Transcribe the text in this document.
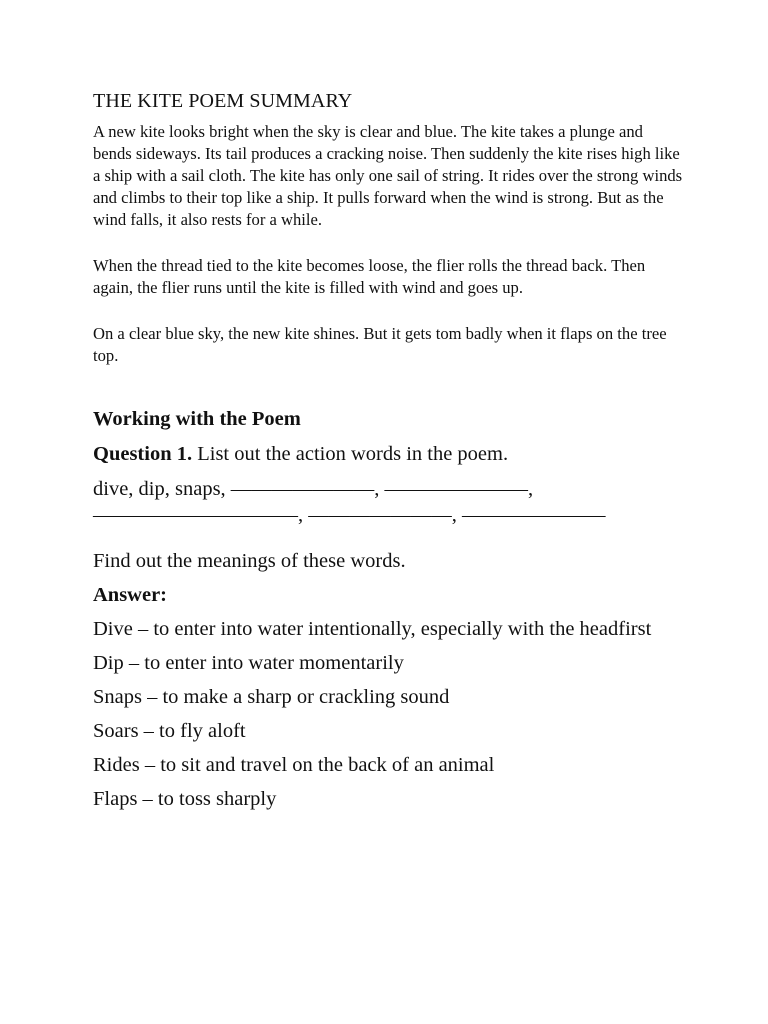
THE KITE POEM SUMMARY

A new kite looks bright when the sky is clear and blue. The kite takes a plunge and bends sideways. Its tail produces a cracking noise. Then suddenly the kite rises high like a ship with a sail cloth. The kite has only one sail of string. It rides over the strong winds and climbs to their top like a ship. It pulls forward when the wind is strong. But as the wind falls, it also rests for a while.

When the thread tied to the kite becomes loose, the flier rolls the thread back. Then again, the flier runs until the kite is filled with wind and goes up.

On a clear blue sky, the new kite shines. But it gets tom badly when it flaps on the tree top.

Working with the Poem

Question 1. List out the action words in the poem.

dive, dip, snaps, ———————, ———————, ——————————, ———————, ———————

Find out the meanings of these words.

Answer:

Dive – to enter into water intentionally, especially with the headfirst

Dip – to enter into water momentarily

Snaps – to make a sharp or crackling sound

Soars – to fly aloft

Rides – to sit and travel on the back of an animal

Flaps – to toss sharply
